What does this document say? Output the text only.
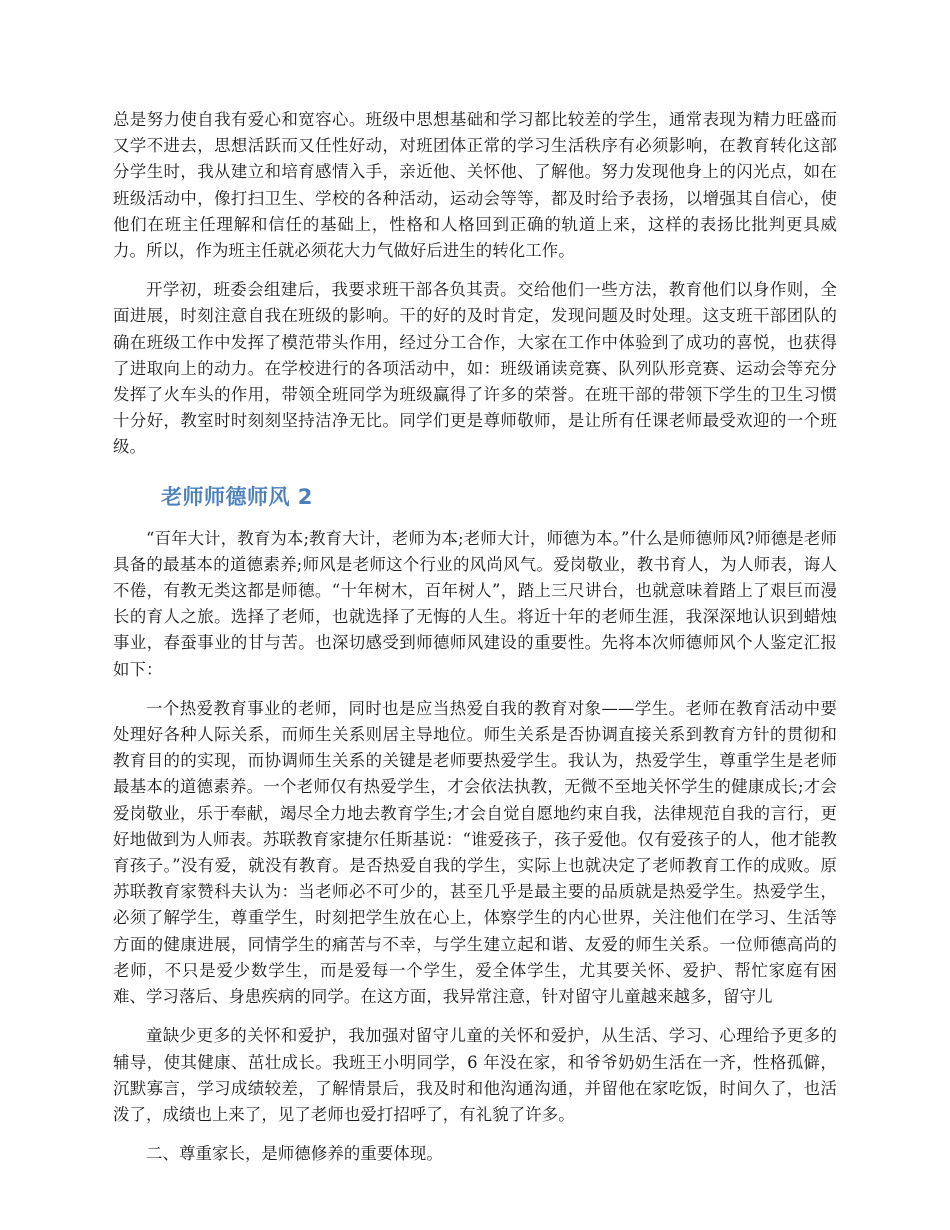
总是努力使自我有爱心和宽容心。班级中思想基础和学习都比较差的学生，通常表现为精力旺盛而又学不进去，思想活跃而又任性好动，对班团体正常的学习生活秩序有必须影响，在教育转化这部分学生时，我从建立和培育感情入手，亲近他、关怀他、了解他。努力发现他身上的闪光点，如在班级活动中，像打扫卫生、学校的各种活动，运动会等等，都及时给予表扬，以增强其自信心，使他们在班主任理解和信任的基础上，性格和人格回到正确的轨道上来，这样的表扬比批判更具威力。所以，作为班主任就必须花大力气做好后进生的转化工作。

开学初，班委会组建后，我要求班干部各负其责。交给他们一些方法，教育他们以身作则，全面进展，时刻注意自我在班级的影响。干的好的及时肯定，发现问题及时处理。这支班干部团队的确在班级工作中发挥了模范带头作用，经过分工合作，大家在工作中体验到了成功的喜悦，也获得了进取向上的动力。在学校进行的各项活动中，如：班级诵读竞赛、队列队形竞赛、运动会等充分发挥了火车头的作用，带领全班同学为班级赢得了许多的荣誉。在班干部的带领下学生的卫生习惯十分好，教室时时刻刻坚持洁净无比。同学们更是尊师敬师，是让所有任课老师最受欢迎的一个班级。

老师师德师风 2

“百年大计，教育为本;教育大计，老师为本;老师大计，师德为本。”什么是师德师风?师德是老师具备的最基本的道德素养;师风是老师这个行业的风尚风气。爱岗敬业，教书育人，为人师表，诲人不倦，有教无类这都是师德。“十年树木，百年树人”，踏上三尺讲台，也就意味着踏上了艰巨而漫长的育人之旅。选择了老师，也就选择了无悔的人生。将近十年的老师生涯，我深深地认识到蜡烛事业，春蚕事业的甘与苦。也深切感受到师德师风建设的重要性。先将本次师德师风个人鉴定汇报如下：

一个热爱教育事业的老师，同时也是应当热爱自我的教育对象——学生。老师在教育活动中要处理好各种人际关系，而师生关系则居主导地位。师生关系是否协调直接关系到教育方针的贯彻和教育目的的实现，而协调师生关系的关键是老师要热爱学生。我认为，热爱学生，尊重学生是老师最基本的道德素养。一个老师仅有热爱学生，才会依法执教，无微不至地关怀学生的健康成长;才会爱岗敬业，乐于奉献，竭尽全力地去教育学生;才会自觉自愿地约束自我，法律规范自我的言行，更好地做到为人师表。苏联教育家捷尔任斯基说：“谁爱孩子，孩子爱他。仅有爱孩子的人，他才能教育孩子。”没有爱，就没有教育。是否热爱自我的学生，实际上也就决定了老师教育工作的成败。原苏联教育家赞科夫认为：当老师必不可少的，甚至几乎是最主要的品质就是热爱学生。热爱学生，必须了解学生，尊重学生，时刻把学生放在心上，体察学生的内心世界，关注他们在学习、生活等方面的健康进展，同情学生的痛苦与不幸，与学生建立起和谐、友爱的师生关系。一位师德高尚的老师，不只是爱少数学生，而是爱每一个学生，爱全体学生，尤其要关怀、爱护、帮忙家庭有困难、学习落后、身患疾病的同学。在这方面，我异常注意，针对留守儿童越来越多，留守儿

童缺少更多的关怀和爱护，我加强对留守儿童的关怀和爱护，从生活、学习、心理给予更多的辅导，使其健康、茁壮成长。我班王小明同学，6 年没在家，和爷爷奶奶生活在一齐，性格孤僻，沉默寡言，学习成绩较差，了解情景后，我及时和他沟通沟通，并留他在家吃饭，时间久了，也活泼了，成绩也上来了，见了老师也爱打招呼了，有礼貌了许多。

二、尊重家长，是师德修养的重要体现。
